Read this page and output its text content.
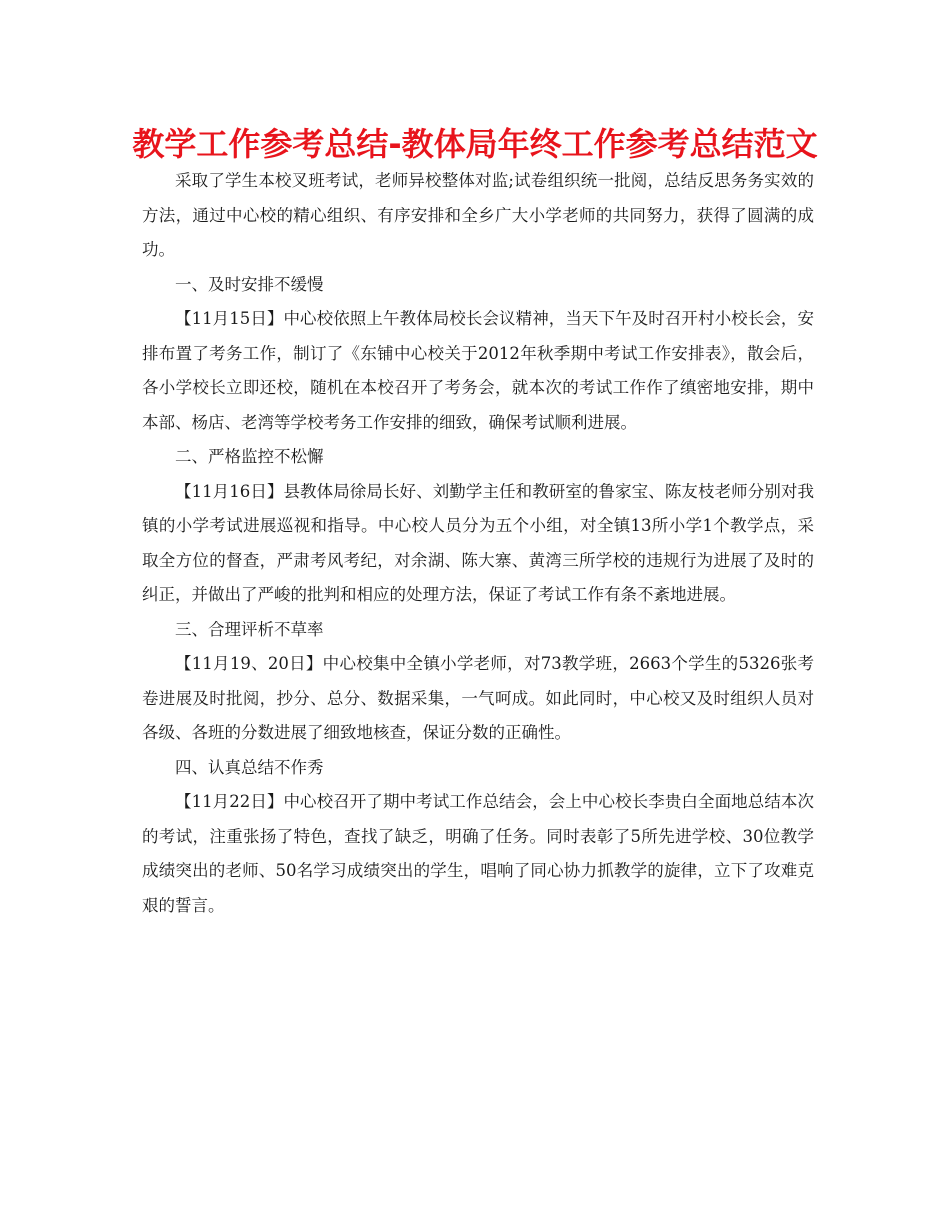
教学工作参考总结-教体局年终工作参考总结范文

采取了学生本校叉班考试，老师异校整体对监;试卷组织统一批阅，总结反思务务实效的方法，通过中心校的精心组织、有序安排和全乡广大小学老师的共同努力，获得了圆满的成功。

一、及时安排不缓慢

【11月15日】中心校依照上午教体局校长会议精神，当天下午及时召开村小校长会，安排布置了考务工作，制订了《东铺中心校关于2012年秋季期中考试工作安排表》，散会后，各小学校长立即还校，随机在本校召开了考务会，就本次的考试工作作了缜密地安排，期中本部、杨店、老湾等学校考务工作安排的细致，确保考试顺利进展。

二、严格监控不松懈

【11月16日】县教体局徐局长好、刘勤学主任和教研室的鲁家宝、陈友枝老师分别对我镇的小学考试进展巡视和指导。中心校人员分为五个小组，对全镇13所小学1个教学点，采取全方位的督查，严肃考风考纪，对余湖、陈大寨、黄湾三所学校的违规行为进展了及时的纠正，并做出了严峻的批判和相应的处理方法，保证了考试工作有条不紊地进展。

三、合理评析不草率

【11月19、20日】中心校集中全镇小学老师，对73教学班，2663个学生的5326张考卷进展及时批阅，抄分、总分、数据采集，一气呵成。如此同时，中心校又及时组织人员对各级、各班的分数进展了细致地核查，保证分数的正确性。

四、认真总结不作秀

【11月22日】中心校召开了期中考试工作总结会，会上中心校长李贵白全面地总结本次的考试，注重张扬了特色，查找了缺乏，明确了任务。同时表彰了5所先进学校、30位教学成绩突出的老师、50名学习成绩突出的学生，唱响了同心协力抓教学的旋律，立下了攻难克艰的誓言。
